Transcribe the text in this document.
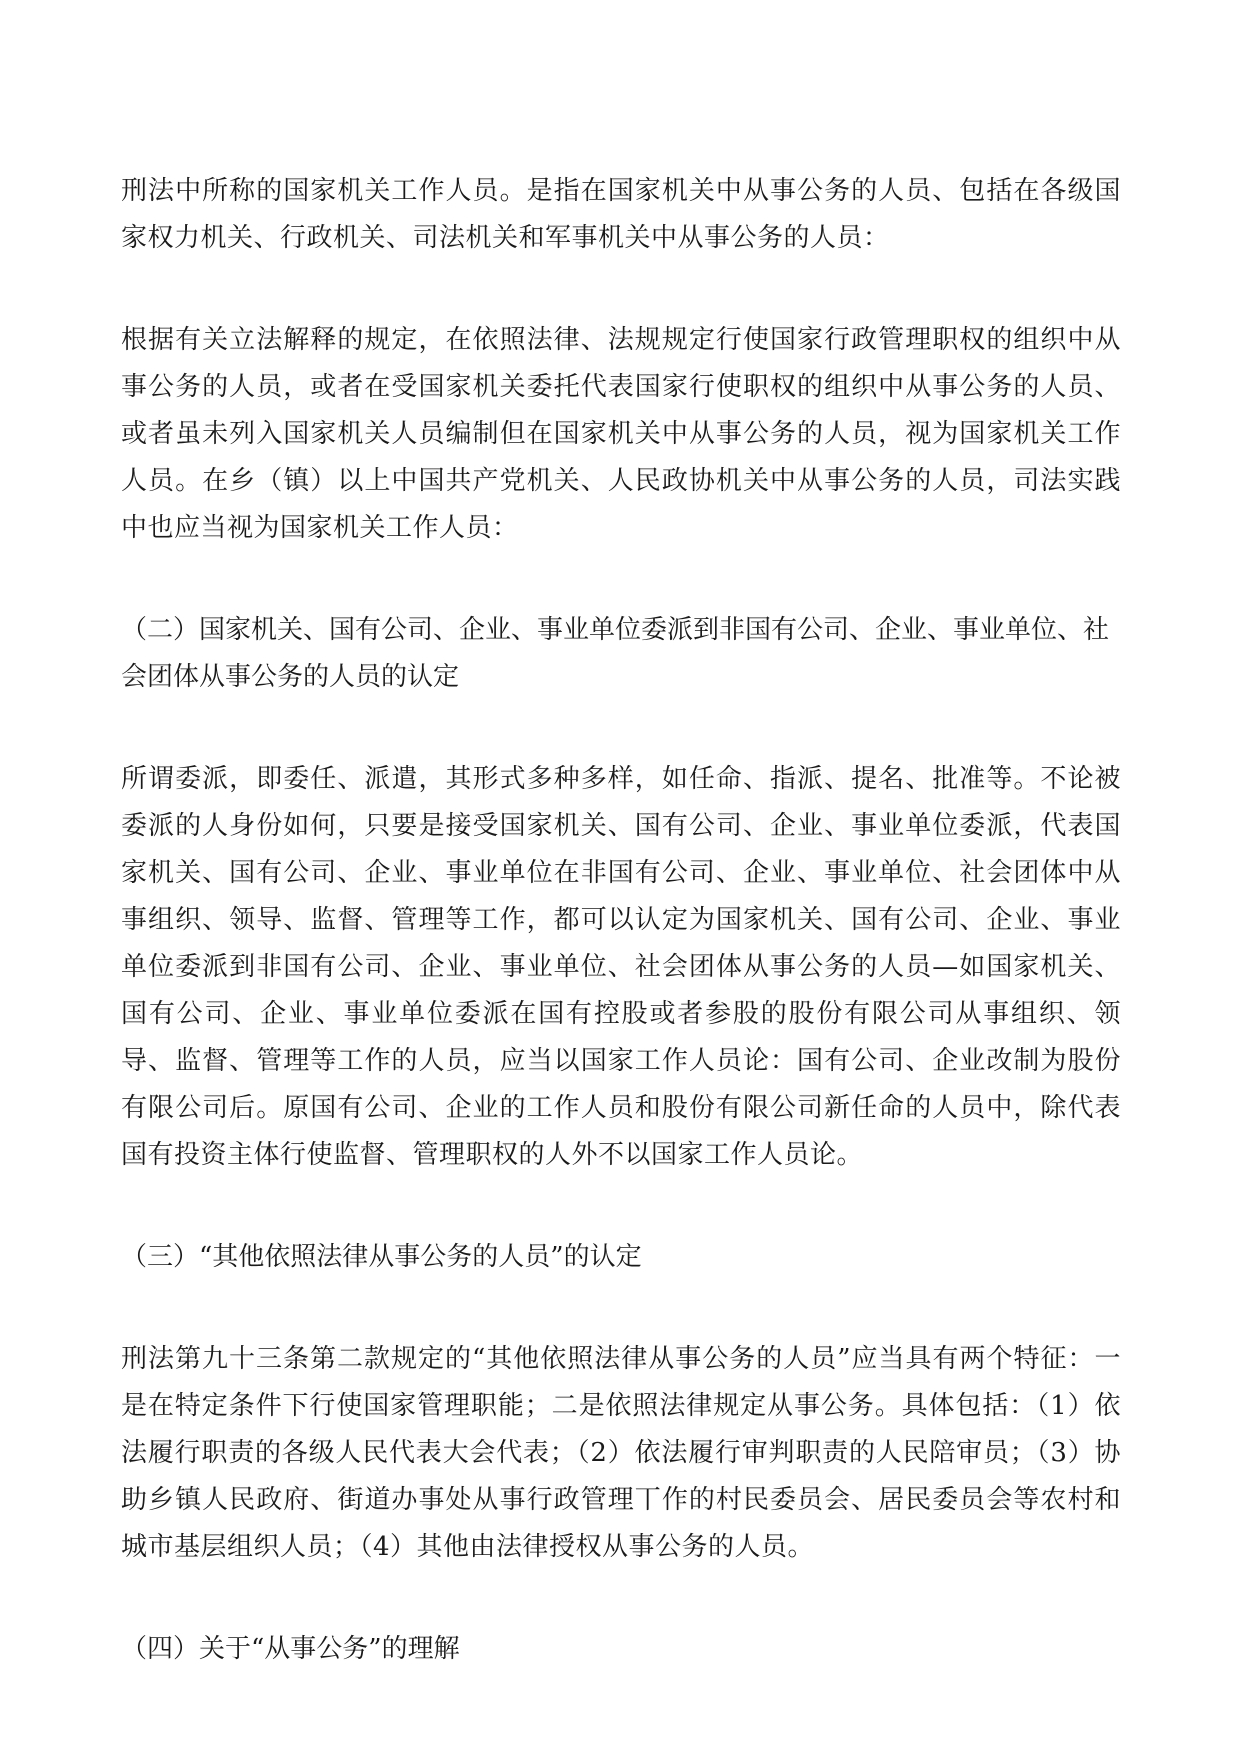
刑法中所称的国家机关工作人员。是指在国家机关中从事公务的人员、包括在各级国家权力机关、行政机关、司法机关和军事机关中从事公务的人员：

根据有关立法解释的规定，在依照法律、法规规定行使国家行政管理职权的组织中从事公务的人员，或者在受国家机关委托代表国家行使职权的组织中从事公务的人员、或者虽未列入国家机关人员编制但在国家机关中从事公务的人员，视为国家机关工作人员。在乡（镇）以上中国共产党机关、人民政协机关中从事公务的人员，司法实践中也应当视为国家机关工作人员：

（二）国家机关、国有公司、企业、事业单位委派到非国有公司、企业、事业单位、社会团体从事公务的人员的认定

所谓委派，即委任、派遣，其形式多种多样，如任命、指派、提名、批准等。不论被委派的人身份如何，只要是接受国家机关、国有公司、企业、事业单位委派，代表国家机关、国有公司、企业、事业单位在非国有公司、企业、事业单位、社会团体中从事组织、领导、监督、管理等工作，都可以认定为国家机关、国有公司、企业、事业单位委派到非国有公司、企业、事业单位、社会团体从事公务的人员—如国家机关、国有公司、企业、事业单位委派在国有控股或者参股的股份有限公司从事组织、领导、监督、管理等工作的人员，应当以国家工作人员论：国有公司、企业改制为股份有限公司后。原国有公司、企业的工作人员和股份有限公司新任命的人员中，除代表国有投资主体行使监督、管理职权的人外不以国家工作人员论。

（三）“其他依照法律从事公务的人员”的认定

刑法第九十三条第二款规定的“其他依照法律从事公务的人员”应当具有两个特征：一是在特定条件下行使国家管理职能；二是依照法律规定从事公务。具体包括：（1）依法履行职责的各级人民代表大会代表；（2）依法履行审判职责的人民陪审员；（3）协助乡镇人民政府、街道办事处从事行政管理丅作的村民委员会、居民委员会等农村和城市基层组织人员；（4）其他由法律授权从事公务的人员。

（四）关于“从事公务”的理解
